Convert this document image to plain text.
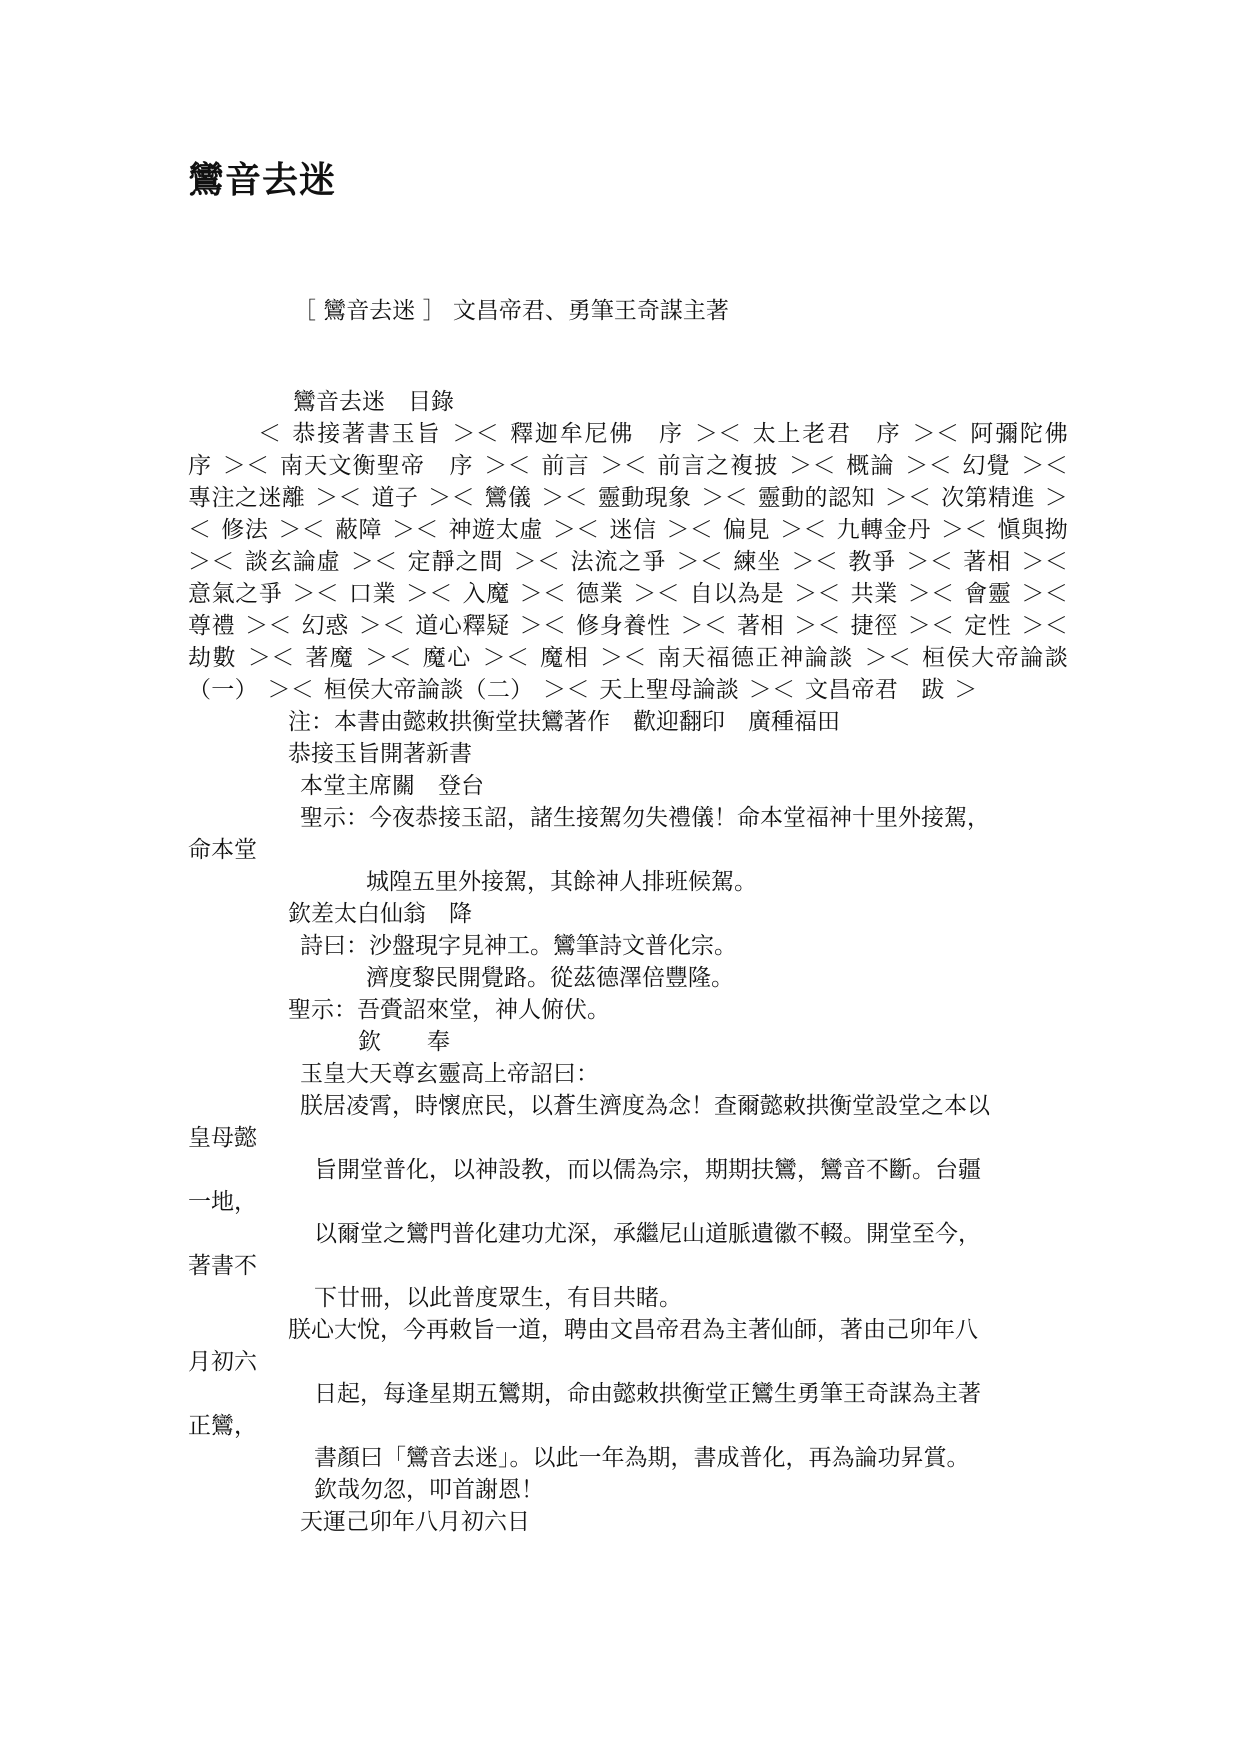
鸞音去迷
［ 鸞音去迷 ］ 文昌帝君、勇筆王奇謀主著
鸞音去迷　目錄
＜ 恭接著書玉旨 ＞＜ 釋迦牟尼佛　序 ＞＜ 太上老君　序 ＞＜ 阿彌陀佛　序 ＞＜ 南天文衡聖帝　序 ＞＜ 前言 ＞＜ 前言之複披 ＞＜ 概論 ＞＜ 幻覺 ＞＜ 專注之迷離 ＞＜ 道子 ＞＜ 鸞儀 ＞＜ 靈動現象 ＞＜ 靈動的認知 ＞＜ 次第精進 ＞＜ 修法 ＞＜ 蔽障 ＞＜ 神遊太虛 ＞＜ 迷信 ＞＜ 偏見 ＞＜ 九轉金丹 ＞＜ 愼與拗 ＞＜ 談玄論虛 ＞＜ 定靜之間 ＞＜ 法流之爭 ＞＜ 練坐 ＞＜ 教爭 ＞＜ 著相 ＞＜ 意氣之爭 ＞＜ 口業 ＞＜ 入魔 ＞＜ 德業 ＞＜ 自以為是 ＞＜ 共業 ＞＜ 會靈 ＞＜ 尊禮 ＞＜ 幻惑 ＞＜ 道心釋疑 ＞＜ 修身養性 ＞＜ 著相 ＞＜ 捷徑 ＞＜ 定性 ＞＜ 劫數 ＞＜ 著魔 ＞＜ 魔心 ＞＜ 魔相 ＞＜ 南天福德正神論談 ＞＜ 桓侯大帝論談（一） ＞＜ 桓侯大帝論談（二） ＞＜ 天上聖母論談 ＞＜ 文昌帝君　跋 ＞
注：本書由懿敕拱衡堂扶鸞著作　歡迎翻印　廣種福田
恭接玉旨開著新書
本堂主席關　登台
聖示：今夜恭接玉詔，諸生接駕勿失禮儀！命本堂福神十里外接駕，
命本堂
城隍五里外接駕，其餘神人排班候駕。
欽差太白仙翁　降
詩曰：沙盤現字見神工。鸞筆詩文普化宗。
濟度黎民開覺路。從茲德澤倍豐隆。
聖示：吾賫詔來堂，神人俯伏。
欽　　奉
玉皇大天尊玄靈高上帝詔曰：
朕居凌霄，時懷庶民，以蒼生濟度為念！查爾懿敕拱衡堂設堂之本以
皇母懿
旨開堂普化，以神設教，而以儒為宗，期期扶鸞，鸞音不斷。台疆
一地，
以爾堂之鸞門普化建功尤深，承繼尼山道脈遺徽不輟。開堂至今，
著書不
下廿冊，以此普度眾生，有目共睹。
朕心大悅，今再敕旨一道，聘由文昌帝君為主著仙師，著由己卯年八
月初六
日起，每逢星期五鸞期，命由懿敕拱衡堂正鸞生勇筆王奇謀為主著
正鸞，
書顏曰「鸞音去迷」。以此一年為期，書成普化，再為論功昇賞。
欽哉勿忽，叩首謝恩！
天運己卯年八月初六日
